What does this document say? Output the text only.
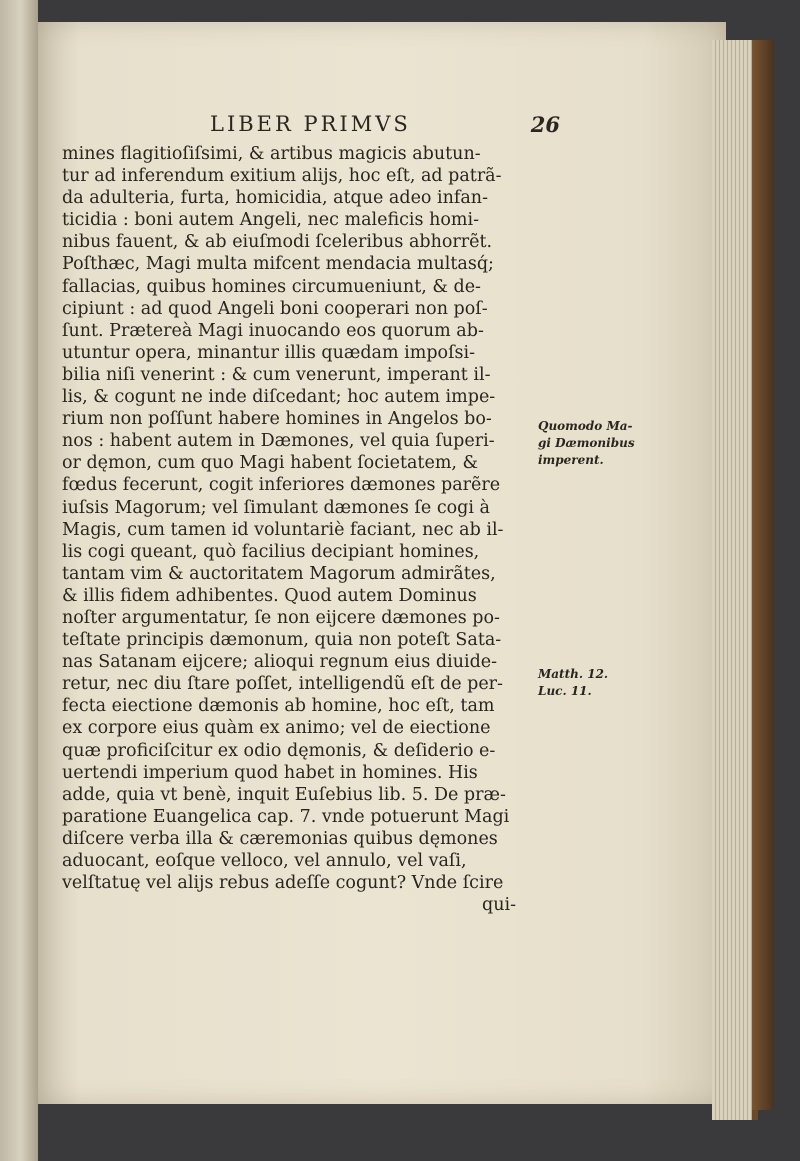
LIBER PRIMVS	26
mines flagitioſiſsimi, & artibus magicis abutun-
tur ad inferendum exitium alijs, hoc eſt, ad patrã-
da adulteria, furta, homicidia, atque adeo infan-
ticidia : boni autem Angeli, nec maleficis homi-
nibus fauent, & ab eiuſmodi ſceleribus abhorrẽt.
Poſthæc, Magi multa mifcent mendacia multasq́;
fallacias, quibus homines circumueniunt, & de-
cipiunt : ad quod Angeli boni cooperari non poſ-
ſunt. Prætereà Magi inuocando eos quorum ab-
utuntur opera, minantur illis quædam impoſsi-
bilia niſi venerint : & cum venerunt, imperant il-
lis, & cogunt ne inde diſcedant; hoc autem impe-
rium non poſſunt habere homines in Angelos bo-
nos : habent autem in Dæmones, vel quia ſuperi-
or dęmon, cum quo Magi habent ſocietatem, &
fœdus fecerunt, cogit inferiores dæmones parẽre
iuſsis Magorum; vel ſimulant dæmones ſe cogi à
Magis, cum tamen id voluntariè faciant, nec ab il-
lis cogi queant, quò facilius decipiant homines,
tantam vim & auctoritatem Magorum admirãtes,
& illis fidem adhibentes. Quod autem Dominus
noſter argumentatur, ſe non eijcere dæmones po-
teſtate principis dæmonum, quia non poteſt Sata-
nas Satanam eijcere; alioqui regnum eius diuide-
retur, nec diu ſtare poſſet, intelligendũ eſt de per-
fecta eiectione dæmonis ab homine, hoc eſt, tam
ex corpore eius quàm ex animo; vel de eiectione
quæ proficiſcitur ex odio dęmonis, & deſiderio e-
uertendi imperium quod habet in homines. His
adde, quia vt benè, inquit Euſebius lib. 5. De præ-
paratione Euangelica cap. 7. vnde potuerunt Magi
diſcere verba illa & cæremonias quibus dęmones
aduocant, eoſque velloco, vel annulo, vel vaſi,
velſtatuę vel alijs rebus adeſſe cogunt? Vnde ſcire
qui-
Quomodo Ma-
gi Dæmonibus
imperent.
Matth. 12.
Luc. 11.
